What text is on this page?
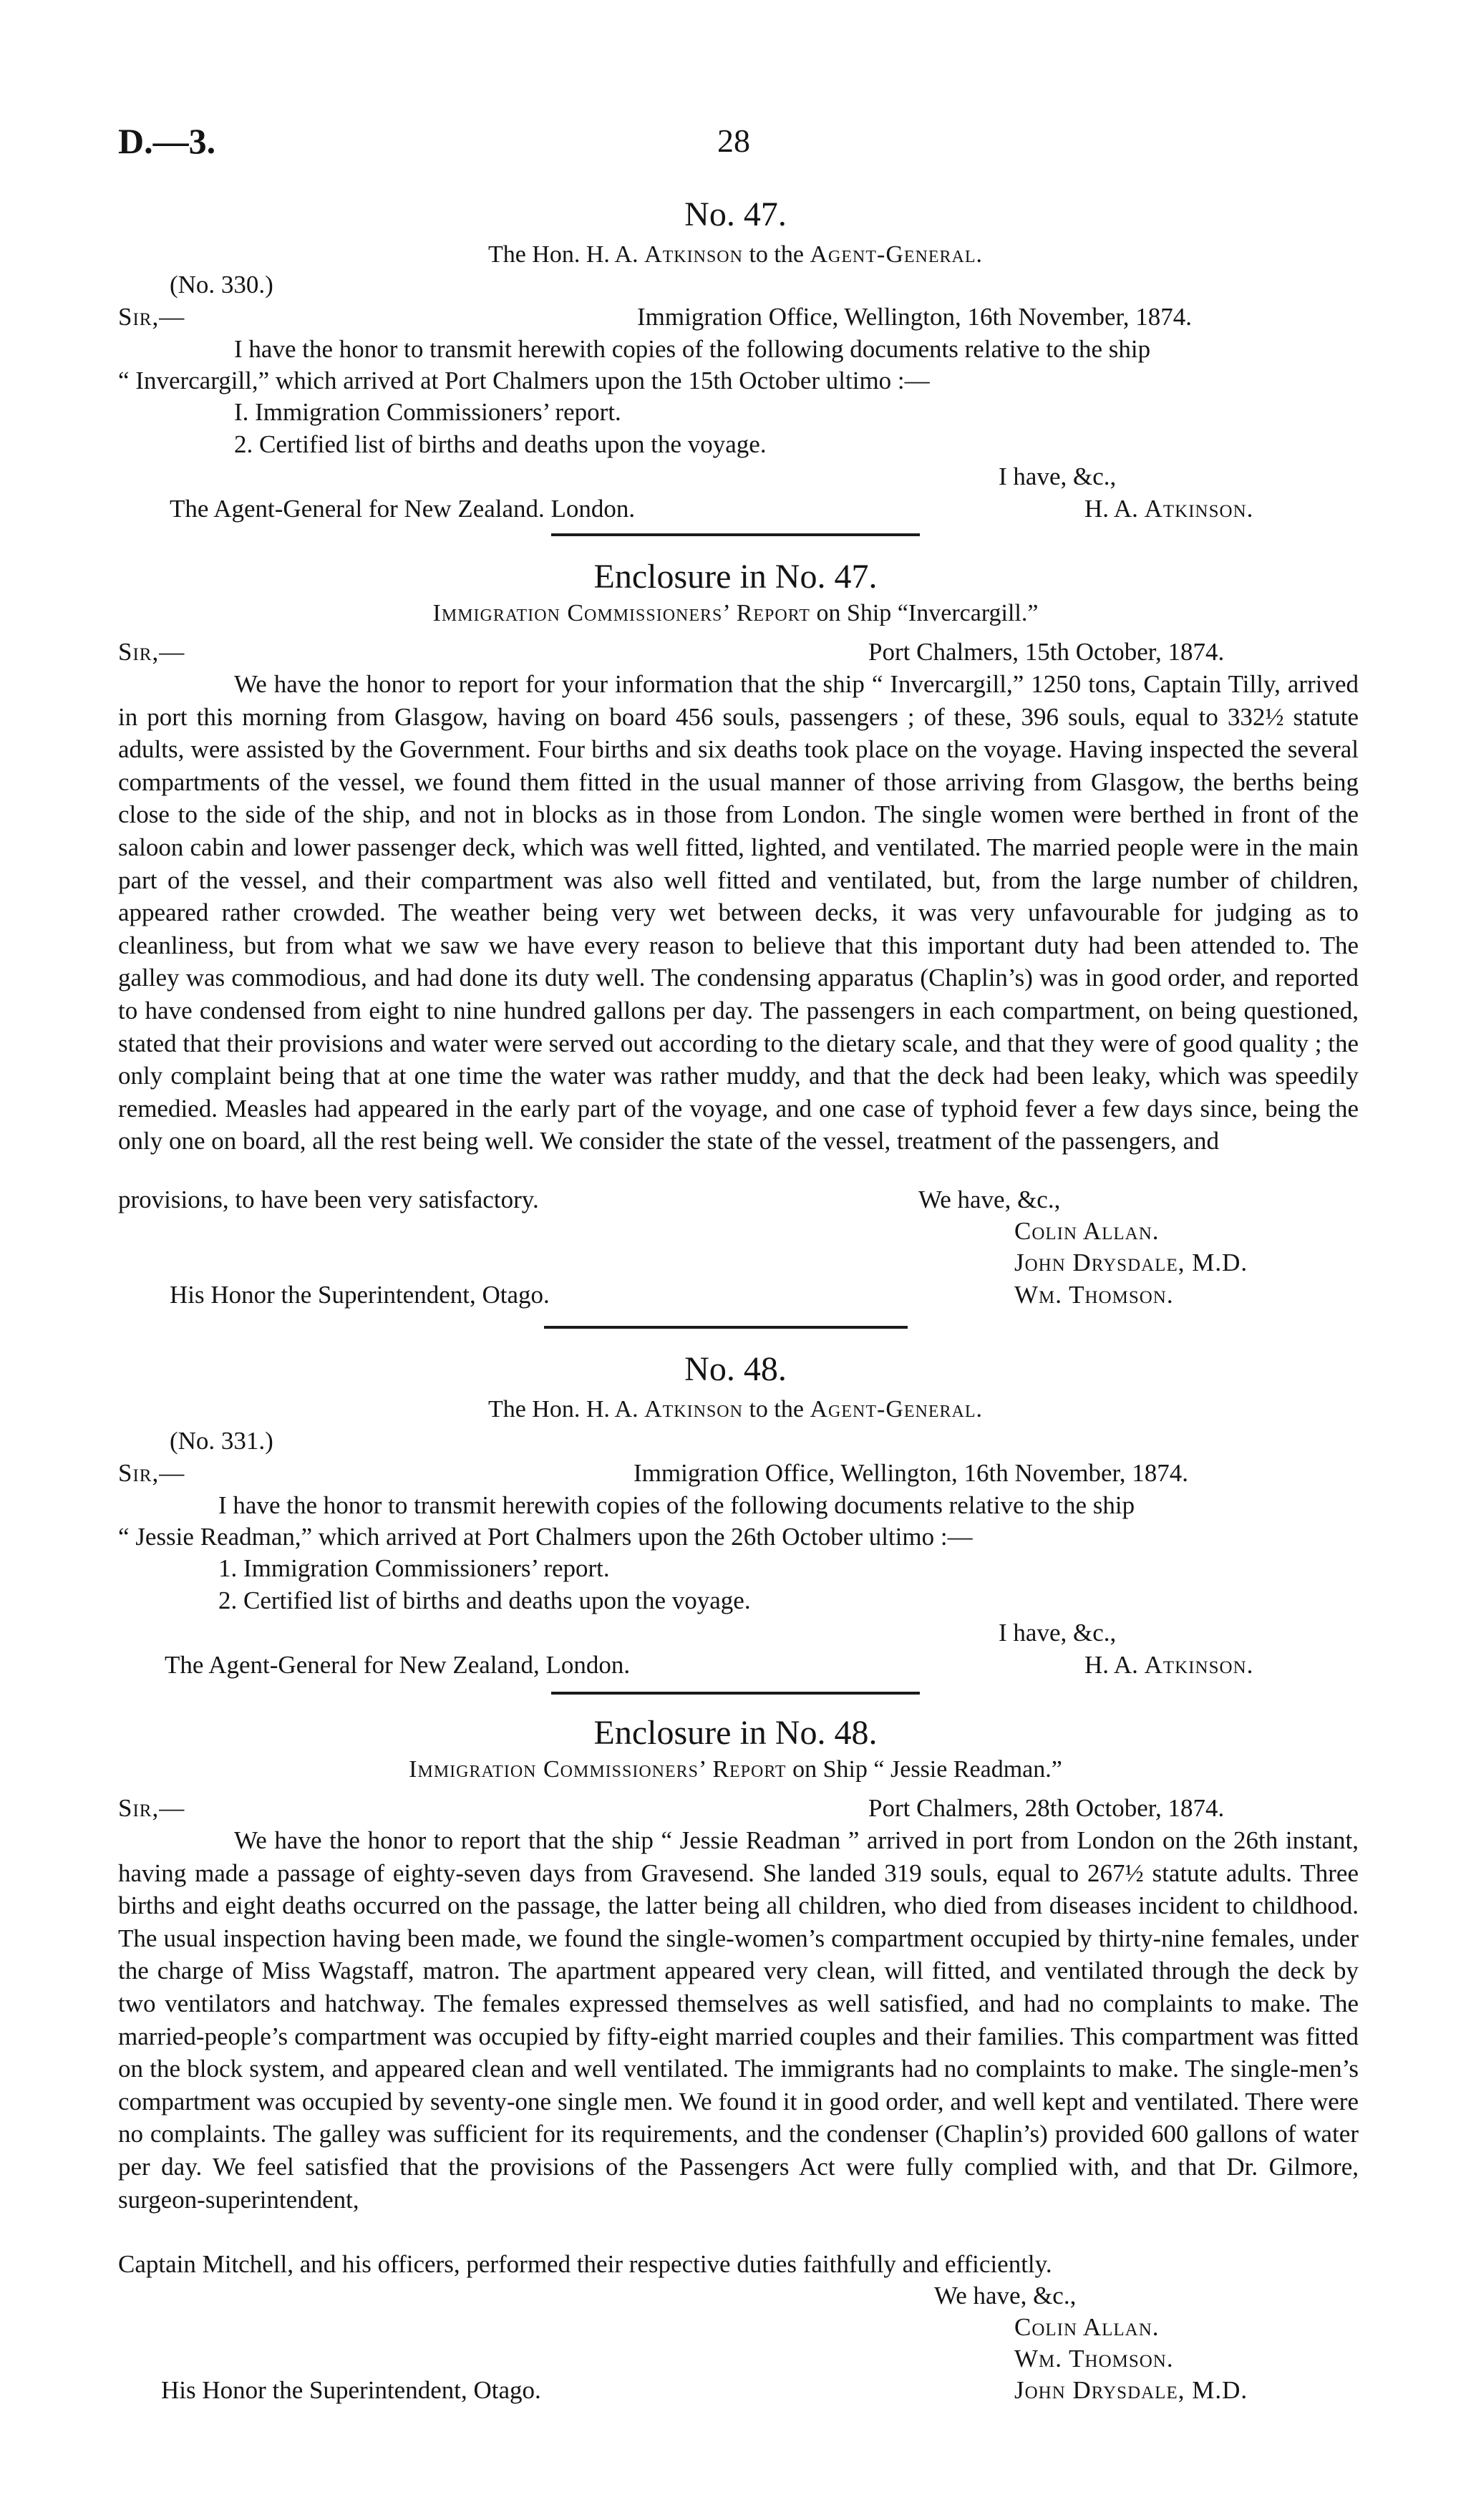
D.—3.	28
No. 47.
The Hon. H. A. Atkinson to the Agent-General.
(No. 330.)
Sir,—	Immigration Office, Wellington, 16th November, 1874.
I have the honor to transmit herewith copies of the following documents relative to the ship
“ Invercargill,” which arrived at Port Chalmers upon the 15th October ultimo :—
I. Immigration Commissioners’ report.
2. Certified list of births and deaths upon the voyage.
I have, &c.,
The Agent-General for New Zealand. London.	H. A. Atkinson.
Enclosure in No. 47.
Immigration Commissioners’ Report on Ship “Invercargill.”
Sir,—	Port Chalmers, 15th October, 1874.
We have the honor to report for your information that the ship “ Invercargill,” 1250 tons, Captain Tilly, arrived in port this morning from Glasgow, having on board 456 souls, passengers ; of these, 396 souls, equal to 332½ statute adults, were assisted by the Government. Four births and six deaths took place on the voyage. Having inspected the several compartments of the vessel, we found them fitted in the usual manner of those arriving from Glasgow, the berths being close to the side of the ship, and not in blocks as in those from London. The single women were berthed in front of the saloon cabin and lower passenger deck, which was well fitted, lighted, and ventilated. The married people were in the main part of the vessel, and their compartment was also well fitted and ventilated, but, from the large number of children, appeared rather crowded. The weather being very wet between decks, it was very unfavourable for judging as to cleanliness, but from what we saw we have every reason to believe that this important duty had been attended to. The galley was commodious, and had done its duty well. The condensing apparatus (Chaplin’s) was in good order, and reported to have condensed from eight to nine hundred gallons per day. The passengers in each compartment, on being questioned, stated that their provisions and water were served out according to the dietary scale, and that they were of good quality ; the only complaint being that at one time the water was rather muddy, and that the deck had been leaky, which was speedily remedied. Measles had appeared in the early part of the voyage, and one case of typhoid fever a few days since, being the only one on board, all the rest being well. We consider the state of the vessel, treatment of the passengers, and
provisions, to have been very satisfactory.	We have, &c.,
Colin Allan.
John Drysdale, M.D.
His Honor the Superintendent, Otago.	Wm. Thomson.
No. 48.
The Hon. H. A. Atkinson to the Agent-General.
(No. 331.)
Sir,—	Immigration Office, Wellington, 16th November, 1874.
I have the honor to transmit herewith copies of the following documents relative to the ship
“ Jessie Readman,” which arrived at Port Chalmers upon the 26th October ultimo :—
1. Immigration Commissioners’ report.
2. Certified list of births and deaths upon the voyage.
I have, &c.,
The Agent-General for New Zealand, London.	H. A. Atkinson.
Enclosure in No. 48.
Immigration Commissioners’ Report on Ship “ Jessie Readman.”
Sir,—	Port Chalmers, 28th October, 1874.
We have the honor to report that the ship “ Jessie Readman ” arrived in port from London on the 26th instant, having made a passage of eighty-seven days from Gravesend. She landed 319 souls, equal to 267½ statute adults. Three births and eight deaths occurred on the passage, the latter being all children, who died from diseases incident to childhood. The usual inspection having been made, we found the single-women’s compartment occupied by thirty-nine females, under the charge of Miss Wagstaff, matron. The apartment appeared very clean, will fitted, and ventilated through the deck by two ventilators and hatchway. The females expressed themselves as well satisfied, and had no complaints to make. The married-people’s compartment was occupied by fifty-eight married couples and their families. This compartment was fitted on the block system, and appeared clean and well ventilated. The immigrants had no complaints to make. The single-men’s compartment was occupied by seventy-one single men. We found it in good order, and well kept and ventilated. There were no complaints. The galley was sufficient for its requirements, and the condenser (Chaplin’s) provided 600 gallons of water per day. We feel satisfied that the provisions of the Passengers Act were fully complied with, and that Dr. Gilmore, surgeon-superintendent,
Captain Mitchell, and his officers, performed their respective duties faithfully and efficiently.
We have, &c.,
Colin Allan.
Wm. Thomson.
His Honor the Superintendent, Otago.	John Drysdale, M.D.
